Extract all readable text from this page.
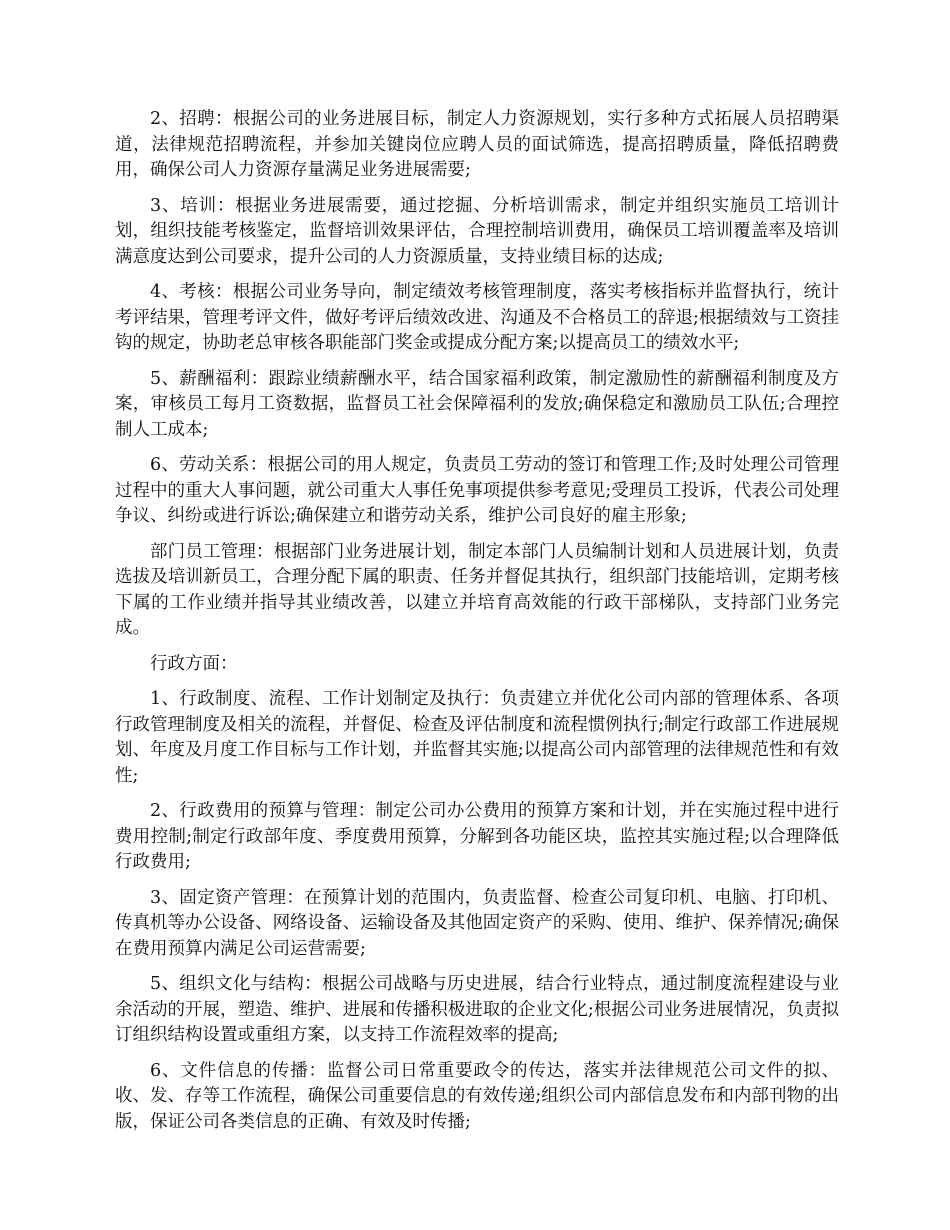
2、招聘：根据公司的业务进展目标，制定人力资源规划，实行多种方式拓展人员招聘渠道，法律规范招聘流程，并参加关键岗位应聘人员的面试筛选，提高招聘质量，降低招聘费用，确保公司人力资源存量满足业务进展需要;

3、培训：根据业务进展需要，通过挖掘、分析培训需求，制定并组织实施员工培训计划，组织技能考核鉴定，监督培训效果评估，合理控制培训费用，确保员工培训覆盖率及培训满意度达到公司要求，提升公司的人力资源质量，支持业绩目标的达成;

4、考核：根据公司业务导向，制定绩效考核管理制度，落实考核指标并监督执行，统计考评结果，管理考评文件，做好考评后绩效改进、沟通及不合格员工的辞退;根据绩效与工资挂钩的规定，协助老总审核各职能部门奖金或提成分配方案;以提高员工的绩效水平;

5、薪酬福利：跟踪业绩薪酬水平，结合国家福利政策，制定激励性的薪酬福利制度及方案，审核员工每月工资数据，监督员工社会保障福利的发放;确保稳定和激励员工队伍;合理控制人工成本;

6、劳动关系：根据公司的用人规定，负责员工劳动的签订和管理工作;及时处理公司管理过程中的重大人事问题，就公司重大人事任免事项提供参考意见;受理员工投诉，代表公司处理争议、纠纷或进行诉讼;确保建立和谐劳动关系，维护公司良好的雇主形象;

部门员工管理：根据部门业务进展计划，制定本部门人员编制计划和人员进展计划，负责选拔及培训新员工，合理分配下属的职责、任务并督促其执行，组织部门技能培训，定期考核下属的工作业绩并指导其业绩改善，以建立并培育高效能的行政干部梯队，支持部门业务完成。

行政方面：

1、行政制度、流程、工作计划制定及执行：负责建立并优化公司内部的管理体系、各项行政管理制度及相关的流程，并督促、检查及评估制度和流程惯例执行;制定行政部工作进展规划、年度及月度工作目标与工作计划，并监督其实施;以提高公司内部管理的法律规范性和有效性;

2、行政费用的预算与管理：制定公司办公费用的预算方案和计划，并在实施过程中进行费用控制;制定行政部年度、季度费用预算，分解到各功能区块，监控其实施过程;以合理降低行政费用;

3、固定资产管理：在预算计划的范围内，负责监督、检查公司复印机、电脑、打印机、传真机等办公设备、网络设备、运输设备及其他固定资产的采购、使用、维护、保养情况;确保在费用预算内满足公司运营需要;

5、组织文化与结构：根据公司战略与历史进展，结合行业特点，通过制度流程建设与业余活动的开展，塑造、维护、进展和传播积极进取的企业文化;根据公司业务进展情况，负责拟订组织结构设置或重组方案，以支持工作流程效率的提高;

6、文件信息的传播：监督公司日常重要政令的传达，落实并法律规范公司文件的拟、收、发、存等工作流程，确保公司重要信息的有效传递;组织公司内部信息发布和内部刊物的出版，保证公司各类信息的正确、有效及时传播;
